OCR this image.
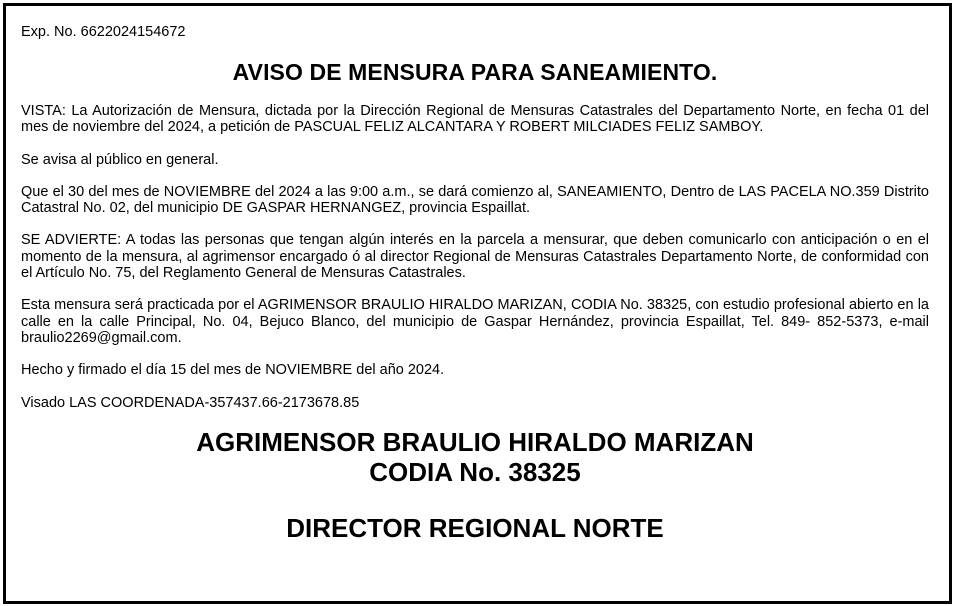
Exp. No. 6622024154672

AVISO DE MENSURA PARA SANEAMIENTO.

VISTA: La Autorización de Mensura, dictada por la Dirección Regional de Mensuras Catastrales del Departamento Norte, en fecha 01 del mes de noviembre del 2024, a petición de PASCUAL FELIZ ALCANTARA Y ROBERT MILCIADES FELIZ SAMBOY.

Se avisa al público en general.

Que el 30 del mes de NOVIEMBRE del 2024 a las 9:00 a.m., se dará comienzo al, SANEAMIENTO, Dentro de LAS PACELA NO.359 Distrito Catastral No. 02, del municipio DE GASPAR HERNANGEZ, provincia Espaillat.

SE ADVIERTE: A todas las personas que tengan algún interés en la parcela a mensurar, que deben comunicarlo con anticipación o en el momento de la mensura, al agrimensor encargado ó al director Regional de Mensuras Catastrales Departamento Norte, de conformidad con el Artículo No. 75, del Reglamento General de Mensuras Catastrales.

Esta mensura será practicada por el AGRIMENSOR BRAULIO HIRALDO MARIZAN, CODIA No. 38325, con estudio profesional abierto en la calle en la calle Principal, No. 04, Bejuco Blanco, del municipio de Gaspar Hernández, provincia Espaillat, Tel. 849- 852-5373, e-mail braulio2269@gmail.com.

Hecho y firmado el día 15 del mes de NOVIEMBRE del año 2024.

Visado LAS COORDENADA-357437.66-2173678.85

AGRIMENSOR BRAULIO HIRALDO MARIZAN

CODIA No. 38325

DIRECTOR REGIONAL NORTE
